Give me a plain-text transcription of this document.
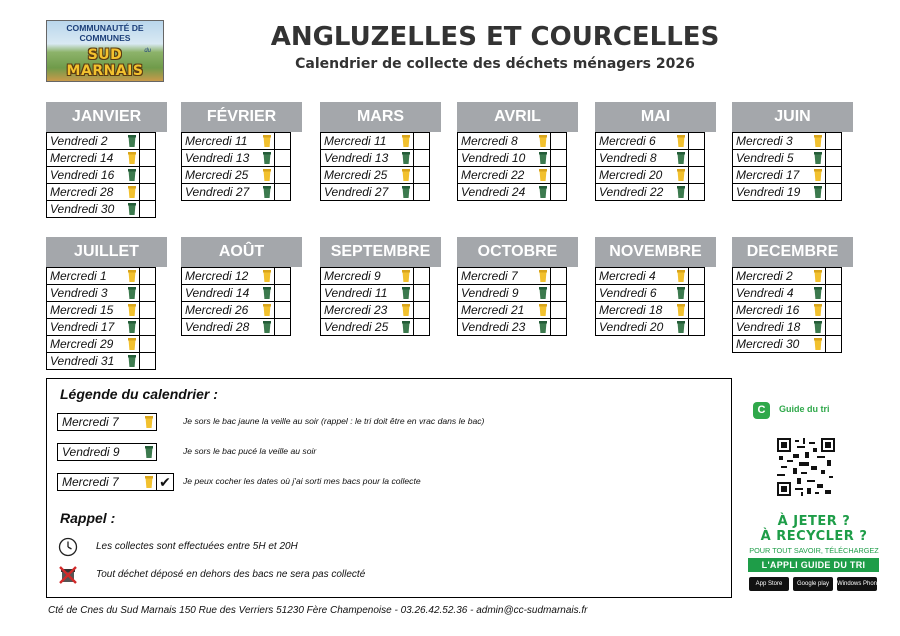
COMMUNAUTÉ DE
COMMUNES
du
SUD MARNAIS
ANGLUZELLES ET COURCELLES
Calendrier de collecte des déchets ménagers 2026
JANVIER
Vendredi 2
Mercredi 14
Vendredi 16
Mercredi 28
Vendredi 30
FÉVRIER
Mercredi 11
Vendredi 13
Mercredi 25
Vendredi 27
MARS
Mercredi 11
Vendredi 13
Mercredi 25
Vendredi 27
AVRIL
Mercredi 8
Vendredi 10
Mercredi 22
Vendredi 24
MAI
Mercredi 6
Vendredi 8
Mercredi 20
Vendredi 22
JUIN
Mercredi 3
Vendredi 5
Mercredi 17
Vendredi 19
JUILLET
Mercredi 1
Vendredi 3
Mercredi 15
Vendredi 17
Mercredi 29
Vendredi 31
AOÛT
Mercredi 12
Vendredi 14
Mercredi 26
Vendredi 28
SEPTEMBRE
Mercredi 9
Vendredi 11
Mercredi 23
Vendredi 25
OCTOBRE
Mercredi 7
Vendredi 9
Mercredi 21
Vendredi 23
NOVEMBRE
Mercredi 4
Vendredi 6
Mercredi 18
Vendredi 20
DECEMBRE
Mercredi 2
Vendredi 4
Mercredi 16
Vendredi 18
Mercredi 30
Légende du calendrier :
Mercredi 7	Je sors le bac jaune la veille au soir (rappel : le tri doit être en vrac dans le bac)
Vendredi 9	Je sors le bac pucé la veille au soir
Mercredi 7	✔	Je peux cocher les dates où j'ai sorti mes bacs pour la collecte
Rappel :
Les collectes sont effectuées entre 5H et 20H
Tout déchet déposé en dehors des bacs ne sera pas collecté
Cté de Cnes du Sud Marnais 150 Rue des Verriers 51230 Fère Champenoise - 03.26.42.52.36 - admin@cc-sudmarnais.fr
C	Guide du tri
À JETER ?
À RECYCLER ?
POUR TOUT SAVOIR, TÉLÉCHARGEZ
L'APPLI GUIDE DU TRI
App Store	Google play	Windows Phone
